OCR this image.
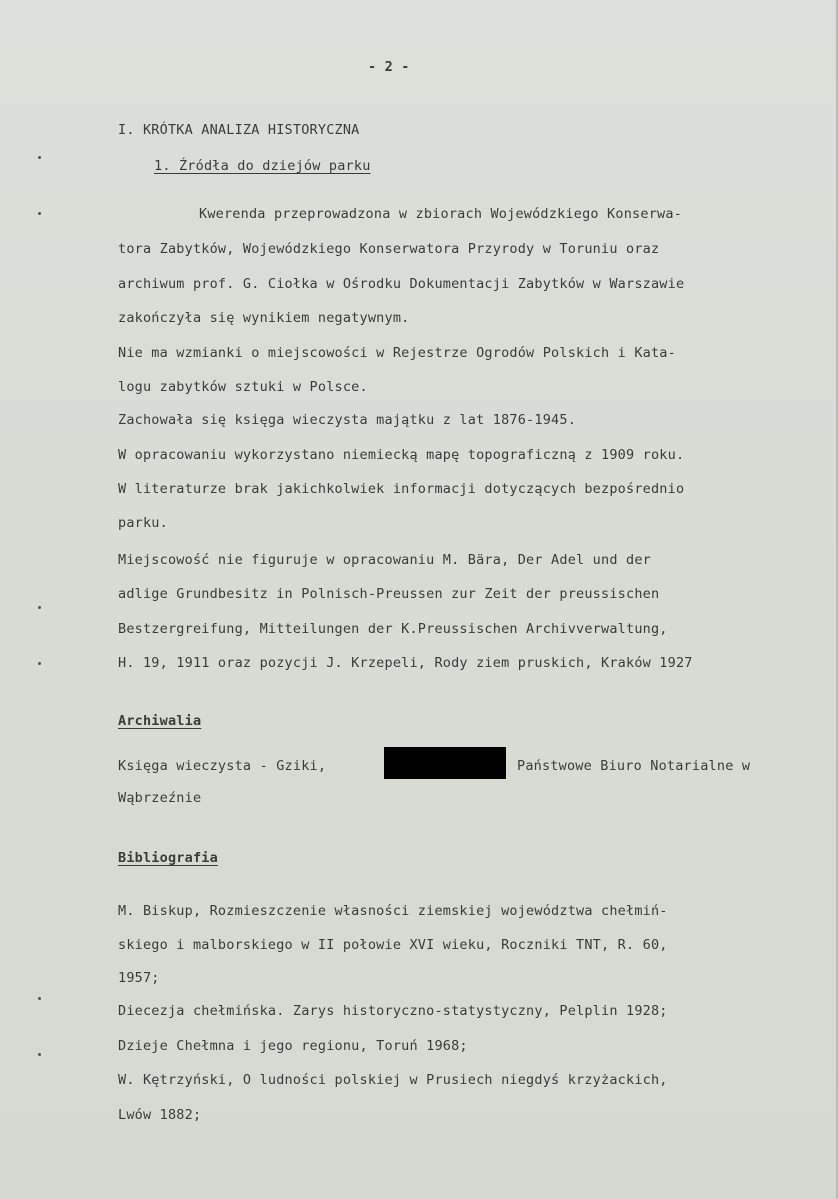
- 2 -
I. KRÓTKA ANALIZA HISTORYCZNA
1. Źródła do dziejów parku
Kwerenda przeprowadzona w zbiorach Wojewódzkiego Konserwa-
tora Zabytków, Wojewódzkiego Konserwatora Przyrody w Toruniu oraz
archiwum prof. G. Ciołka w Ośrodku Dokumentacji Zabytków w Warszawie
zakończyła się wynikiem negatywnym.
Nie ma wzmianki o miejscowości w Rejestrze Ogrodów Polskich i Kata-
logu zabytków sztuki w Polsce.
Zachowała się księga wieczysta majątku z lat 1876-1945.
W opracowaniu wykorzystano niemiecką mapę topograficzną z 1909 roku.
W literaturze brak jakichkolwiek informacji dotyczących bezpośrednio
parku.
Miejscowość nie figuruje w opracowaniu M. Bära, Der Adel und der
adlige Grundbesitz in Polnisch-Preussen zur Zeit der preussischen
Bestzergreifung, Mitteilungen der K.Preussischen Archivverwaltung,
H. 19, 1911 oraz pozycji J. Krzepeli, Rody ziem pruskich, Kraków 1927
Archiwalia
Księga wieczysta - Gziki,	Państwowe Biuro Notarialne w
Wąbrzeźnie
Bibliografia
M. Biskup, Rozmieszczenie własności ziemskiej województwa chełmiń-
skiego i malborskiego w II połowie XVI wieku, Roczniki TNT, R. 60,
1957;
Diecezja chełmińska. Zarys historyczno-statystyczny, Pelplin 1928;
Dzieje Chełmna i jego regionu, Toruń 1968;
W. Kętrzyński, O ludności polskiej w Prusiech niegdyś krzyżackich,
Lwów 1882;
